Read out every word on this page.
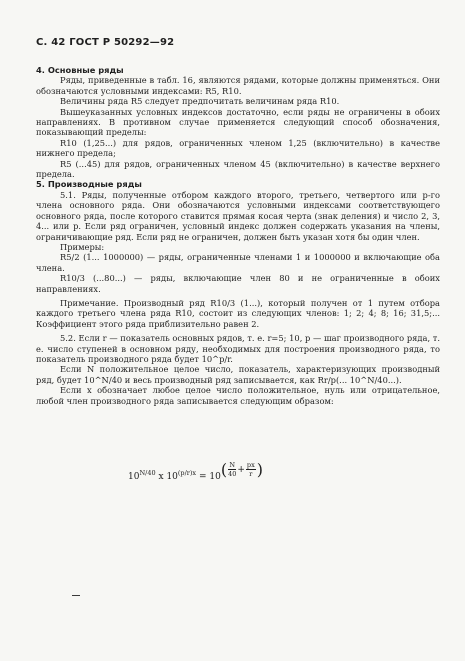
С. 42 ГОСТ Р 50292—92

4. Основные ряды

Ряды, приведенные в табл. 16, являются рядами, которые должны применяться. Они обозначаются условными индексами: R5, R10.

Величины ряда R5 следует предпочитать величинам ряда R10.

Вышеуказанных условных индексов достаточно, если ряды не ограничены в обоих направлениях. В противном случае применяется следующий способ обозначения, показывающий пределы:

R10 (1,25...) для рядов, ограниченных членом 1,25 (включительно) в качестве нижнего предела;

R5 (...45) для рядов, ограниченных членом 45 (включительно) в качестве верхнего предела.

5. Производные ряды

5.1. Ряды, полученные отбором каждого второго, третьего, четвертого или p-го члена основного ряда. Они обозначаются условными индексами соответствующего основного ряда, после которого ставится прямая косая черта (знак деления) и число 2, 3, 4... или p. Если ряд ограничен, условный индекс должен содержать указания на члены, ограничивающие ряд. Если ряд не ограничен, должен быть указан хотя бы один член.

Примеры:

R5/2 (1... 1000000) — ряды, ограниченные членами 1 и 1000000 и включающие оба члена.

R10/3 (...80...) — ряды, включающие член 80 и не ограниченные в обоих направлениях.

Примечание. Производный ряд R10/3 (1...), который получен от 1 путем отбора каждого третьего члена ряда R10, состоит из следующих членов: 1; 2; 4; 8; 16; 31,5;... Коэффициент этого ряда приблизительно равен 2.

5.2. Если r — показатель основных рядов, т. е. r=5; 10, p — шаг производного ряда, т. е. число ступеней в основном ряду, необходимых для построения производного ряда, то показатель производного ряда будет 10^p/r.

Если N положительное целое число, показатель, характеризующих производный ряд, будет 10^N/40 и весь производный ряд записывается, как Rr/p(... 10^N/40...).

Если x обозначает любое целое число положительное, нуль или отрицательное, любой член производного ряда записывается следующим образом:

$10^{N/40}$ x $10^{(p/r)x} = 10( \frac{N}{40} + \frac{px}{r}$ )
